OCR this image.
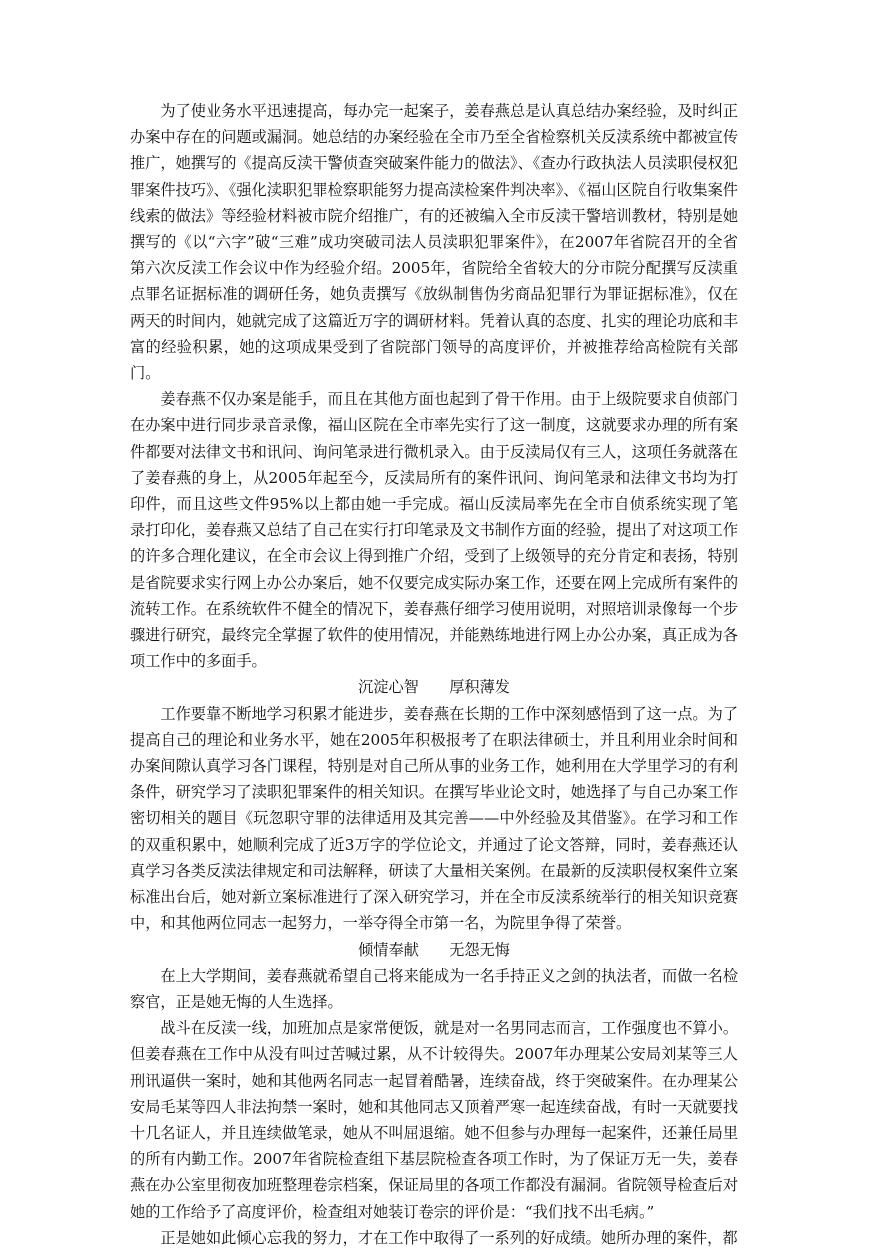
为了使业务水平迅速提高，每办完一起案子，姜春燕总是认真总结办案经验，及时纠正办案中存在的问题或漏洞。她总结的办案经验在全市乃至全省检察机关反渎系统中都被宣传推广，她撰写的《提高反渎干警侦查突破案件能力的做法》、《查办行政执法人员渎职侵权犯罪案件技巧》、《强化渎职犯罪检察职能努力提高渎检案件判决率》、《福山区院自行收集案件线索的做法》等经验材料被市院介绍推广，有的还被编入全市反渎干警培训教材，特别是她撰写的《以“六字”破“三难”成功突破司法人员渎职犯罪案件》，在2007年省院召开的全省第六次反渎工作会议中作为经验介绍。2005年，省院给全省较大的分市院分配撰写反渎重点罪名证据标准的调研任务，她负责撰写《放纵制售伪劣商品犯罪行为罪证据标准》，仅在两天的时间内，她就完成了这篇近万字的调研材料。凭着认真的态度、扎实的理论功底和丰富的经验积累，她的这项成果受到了省院部门领导的高度评价，并被推荐给高检院有关部门。

姜春燕不仅办案是能手，而且在其他方面也起到了骨干作用。由于上级院要求自侦部门在办案中进行同步录音录像，福山区院在全市率先实行了这一制度，这就要求办理的所有案件都要对法律文书和讯问、询问笔录进行微机录入。由于反渎局仅有三人，这项任务就落在了姜春燕的身上，从2005年起至今，反渎局所有的案件讯问、询问笔录和法律文书均为打印件，而且这些文件95%以上都由她一手完成。福山反渎局率先在全市自侦系统实现了笔录打印化，姜春燕又总结了自己在实行打印笔录及文书制作方面的经验，提出了对这项工作的许多合理化建议，在全市会议上得到推广介绍，受到了上级领导的充分肯定和表扬，特别是省院要求实行网上办公办案后，她不仅要完成实际办案工作，还要在网上完成所有案件的流转工作。在系统软件不健全的情况下，姜春燕仔细学习使用说明，对照培训录像每一个步骤进行研究，最终完全掌握了软件的使用情况，并能熟练地进行网上办公办案，真正成为各项工作中的多面手。

沉淀心智　　厚积薄发

工作要靠不断地学习积累才能进步，姜春燕在长期的工作中深刻感悟到了这一点。为了提高自己的理论和业务水平，她在2005年积极报考了在职法律硕士，并且利用业余时间和办案间隙认真学习各门课程，特别是对自己所从事的业务工作，她利用在大学里学习的有利条件，研究学习了渎职犯罪案件的相关知识。在撰写毕业论文时，她选择了与自己办案工作密切相关的题目《玩忽职守罪的法律适用及其完善——中外经验及其借鉴》。在学习和工作的双重积累中，她顺利完成了近3万字的学位论文，并通过了论文答辩，同时，姜春燕还认真学习各类反渎法律规定和司法解释，研读了大量相关案例。在最新的反渎职侵权案件立案标准出台后，她对新立案标准进行了深入研究学习，并在全市反渎系统举行的相关知识竞赛中，和其他两位同志一起努力，一举夺得全市第一名，为院里争得了荣誉。

倾情奉献　　无怨无悔

在上大学期间，姜春燕就希望自己将来能成为一名手持正义之剑的执法者，而做一名检察官，正是她无悔的人生选择。

战斗在反渎一线，加班加点是家常便饭，就是对一名男同志而言，工作强度也不算小。但姜春燕在工作中从没有叫过苦喊过累，从不计较得失。2007年办理某公安局刘某等三人刑讯逼供一案时，她和其他两名同志一起冒着酷暑，连续奋战，终于突破案件。在办理某公安局毛某等四人非法拘禁一案时，她和其他同志又顶着严寒一起连续奋战，有时一天就要找十几名证人，并且连续做笔录，她从不叫屈退缩。她不但参与办理每一起案件，还兼任局里的所有内勤工作。2007年省院检查组下基层院检查各项工作时，为了保证万无一失，姜春燕在办公室里彻夜加班整理卷宗档案，保证局里的各项工作都没有漏洞。省院领导检查后对她的工作给予了高度评价，检查组对她装订卷宗的评价是：“我们找不出毛病。”

正是她如此倾心忘我的努力，才在工作中取得了一系列的好成绩。她所办理的案件，都
